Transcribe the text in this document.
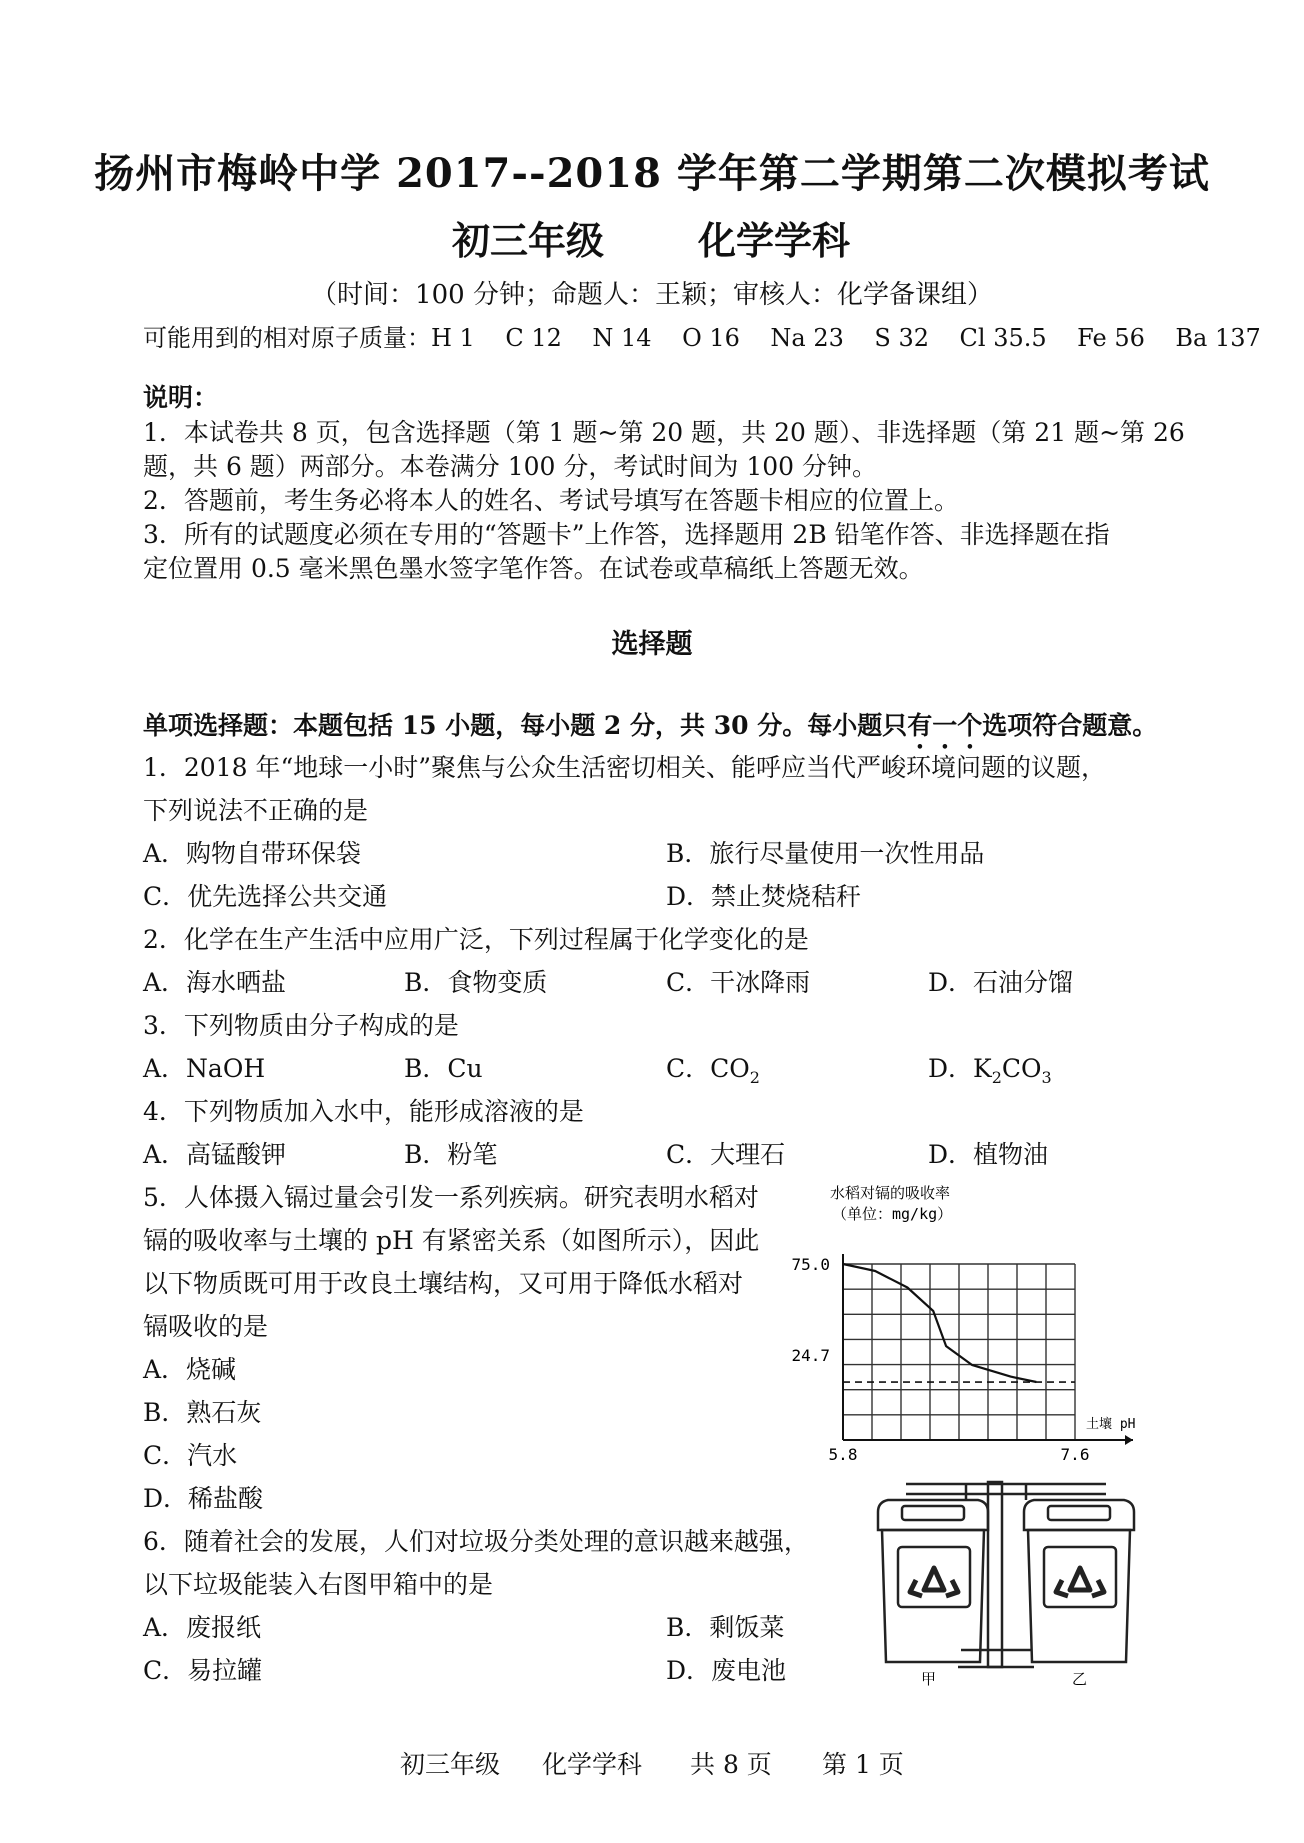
扬州市梅岭中学 2017--2018 学年第二学期第二次模拟考试
初三年级 化学学科
（时间：100 分钟；命题人：王颖；审核人：化学备课组）
可能用到的相对原子质量：H 1    C 12    N 14    O 16    Na 23    S 32    Cl 35.5    Fe 56    Ba 137
说明：
1．本试卷共 8 页，包含选择题（第 1 题~第 20 题，共 20 题）、非选择题（第 21 题~第 26
题，共 6 题）两部分。本卷满分 100 分，考试时间为 100 分钟。
2．答题前，考生务必将本人的姓名、考试号填写在答题卡相应的位置上。
3．所有的试题度必须在专用的“答题卡”上作答，选择题用 2B 铅笔作答、非选择题在指
定位置用 0.5 毫米黑色墨水签字笔作答。在试卷或草稿纸上答题无效。
选择题
单项选择题：本题包括 15 小题，每小题 2 分，共 30 分。每小题只有一个选项符合题意。
1．2018 年“地球一小时”聚焦与公众生活密切相关、能呼应当代严峻环境问题的议题，
下列说法不正确的是
A．购物自带环保袋	B．旅行尽量使用一次性用品
C．优先选择公共交通	D．禁止焚烧秸秆
2．化学在生产生活中应用广泛，下列过程属于化学变化的是
A．海水晒盐	B．食物变质	C．干冰降雨	D．石油分馏
3．下列物质由分子构成的是
A．NaOH	B．Cu	C．$CO_2$	D．$K_2CO_3$
4．下列物质加入水中，能形成溶液的是
A．高锰酸钾	B．粉笔	C．大理石	D．植物油
5．人体摄入镉过量会引发一系列疾病。研究表明水稻对
镉的吸收率与土壤的 pH 有紧密关系（如图所示），因此
以下物质既可用于改良土壤结构，又可用于降低水稻对
镉吸收的是
A．烧碱
B．熟石灰
C．汽水
D．稀盐酸
水稻对镉的吸收率
（单位：mg/kg）
土壤 pH
5.8	7.6
75.0
24.7
6．随着社会的发展，人们对垃圾分类处理的意识越来越强，
以下垃圾能装入右图甲箱中的是
A．废报纸	B．剩饭菜
C．易拉罐	D．废电池	甲	乙
初三年级 化学学科 共 8 页 第 1 页
